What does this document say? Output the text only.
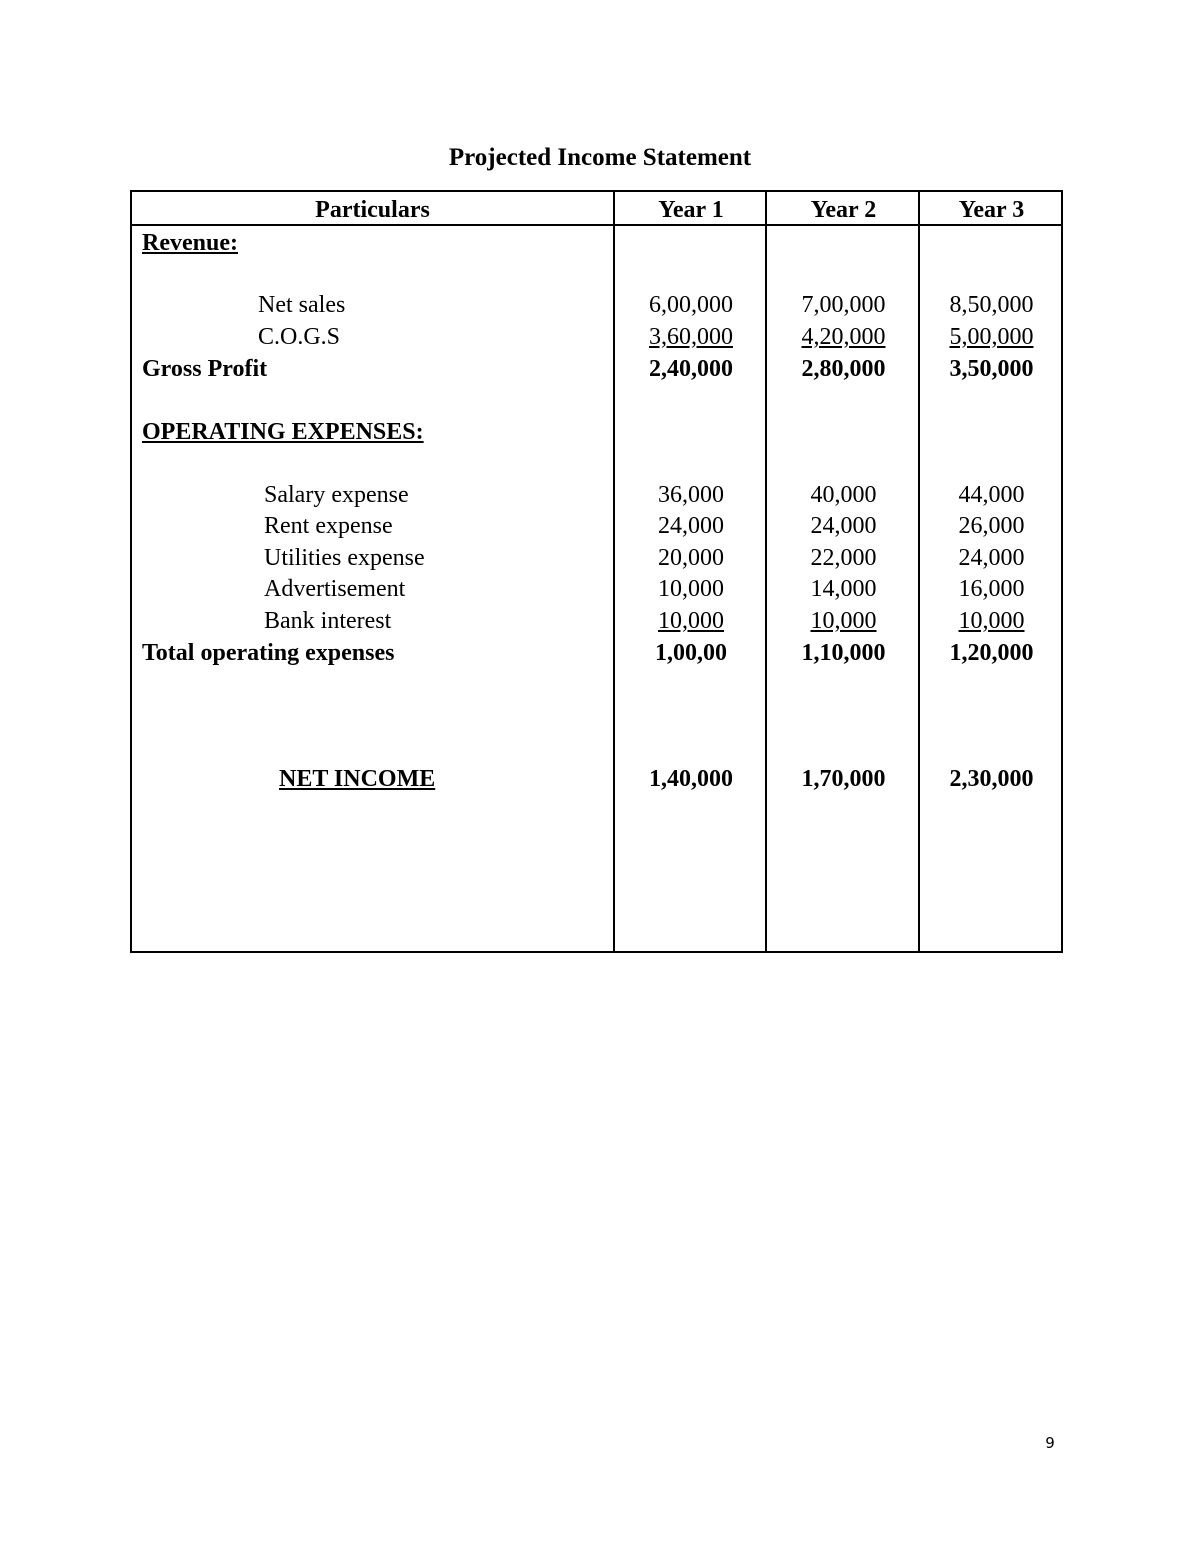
Projected Income Statement
Particulars	Year 1	Year 2	Year 3
Revenue:
Net sales	6,00,000	7,00,000	8,50,000
C.O.G.S	3,60,000	4,20,000	5,00,000
Gross Profit	2,40,000	2,80,000	3,50,000
OPERATING EXPENSES:
Salary expense	36,000	40,000	44,000
Rent expense	24,000	24,000	26,000
Utilities expense	20,000	22,000	24,000
Advertisement	10,000	14,000	16,000
Bank interest	10,000	10,000	10,000
Total operating expenses	1,00,00	1,10,000	1,20,000
NET INCOME	1,40,000	1,70,000	2,30,000
9
